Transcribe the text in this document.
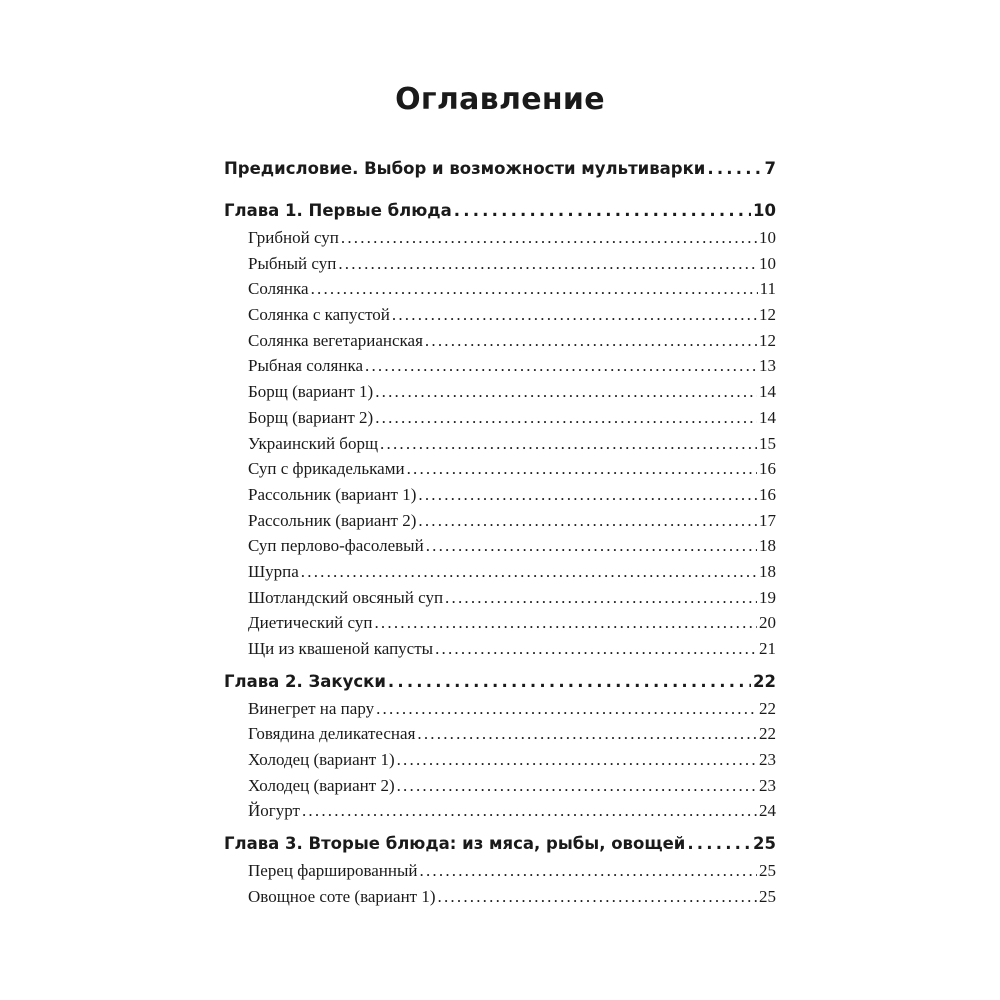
Оглавление
Предисловие. Выбор и возможности мультиварки .....	7
Глава 1. Первые блюда .....	10
Грибной суп .....	10
Рыбный суп .....	10
Солянка .....	11
Солянка с капустой .....	12
Солянка вегетарианская .....	12
Рыбная солянка .....	13
Борщ (вариант 1) .....	14
Борщ (вариант 2) .....	14
Украинский борщ .....	15
Суп с фрикадельками .....	16
Рассольник (вариант 1) .....	16
Рассольник (вариант 2) .....	17
Суп перлово-фасолевый .....	18
Шурпа .....	18
Шотландский овсяный суп .....	19
Диетический суп .....	20
Щи из квашеной капусты .....	21
Глава 2. Закуски .....	22
Винегрет на пару .....	22
Говядина деликатесная .....	22
Холодец (вариант 1) .....	23
Холодец (вариант 2) .....	23
Йогурт .....	24
Глава 3. Вторые блюда: из мяса, рыбы, овощей .....	25
Перец фаршированный .....	25
Овощное соте (вариант 1) .....	25
